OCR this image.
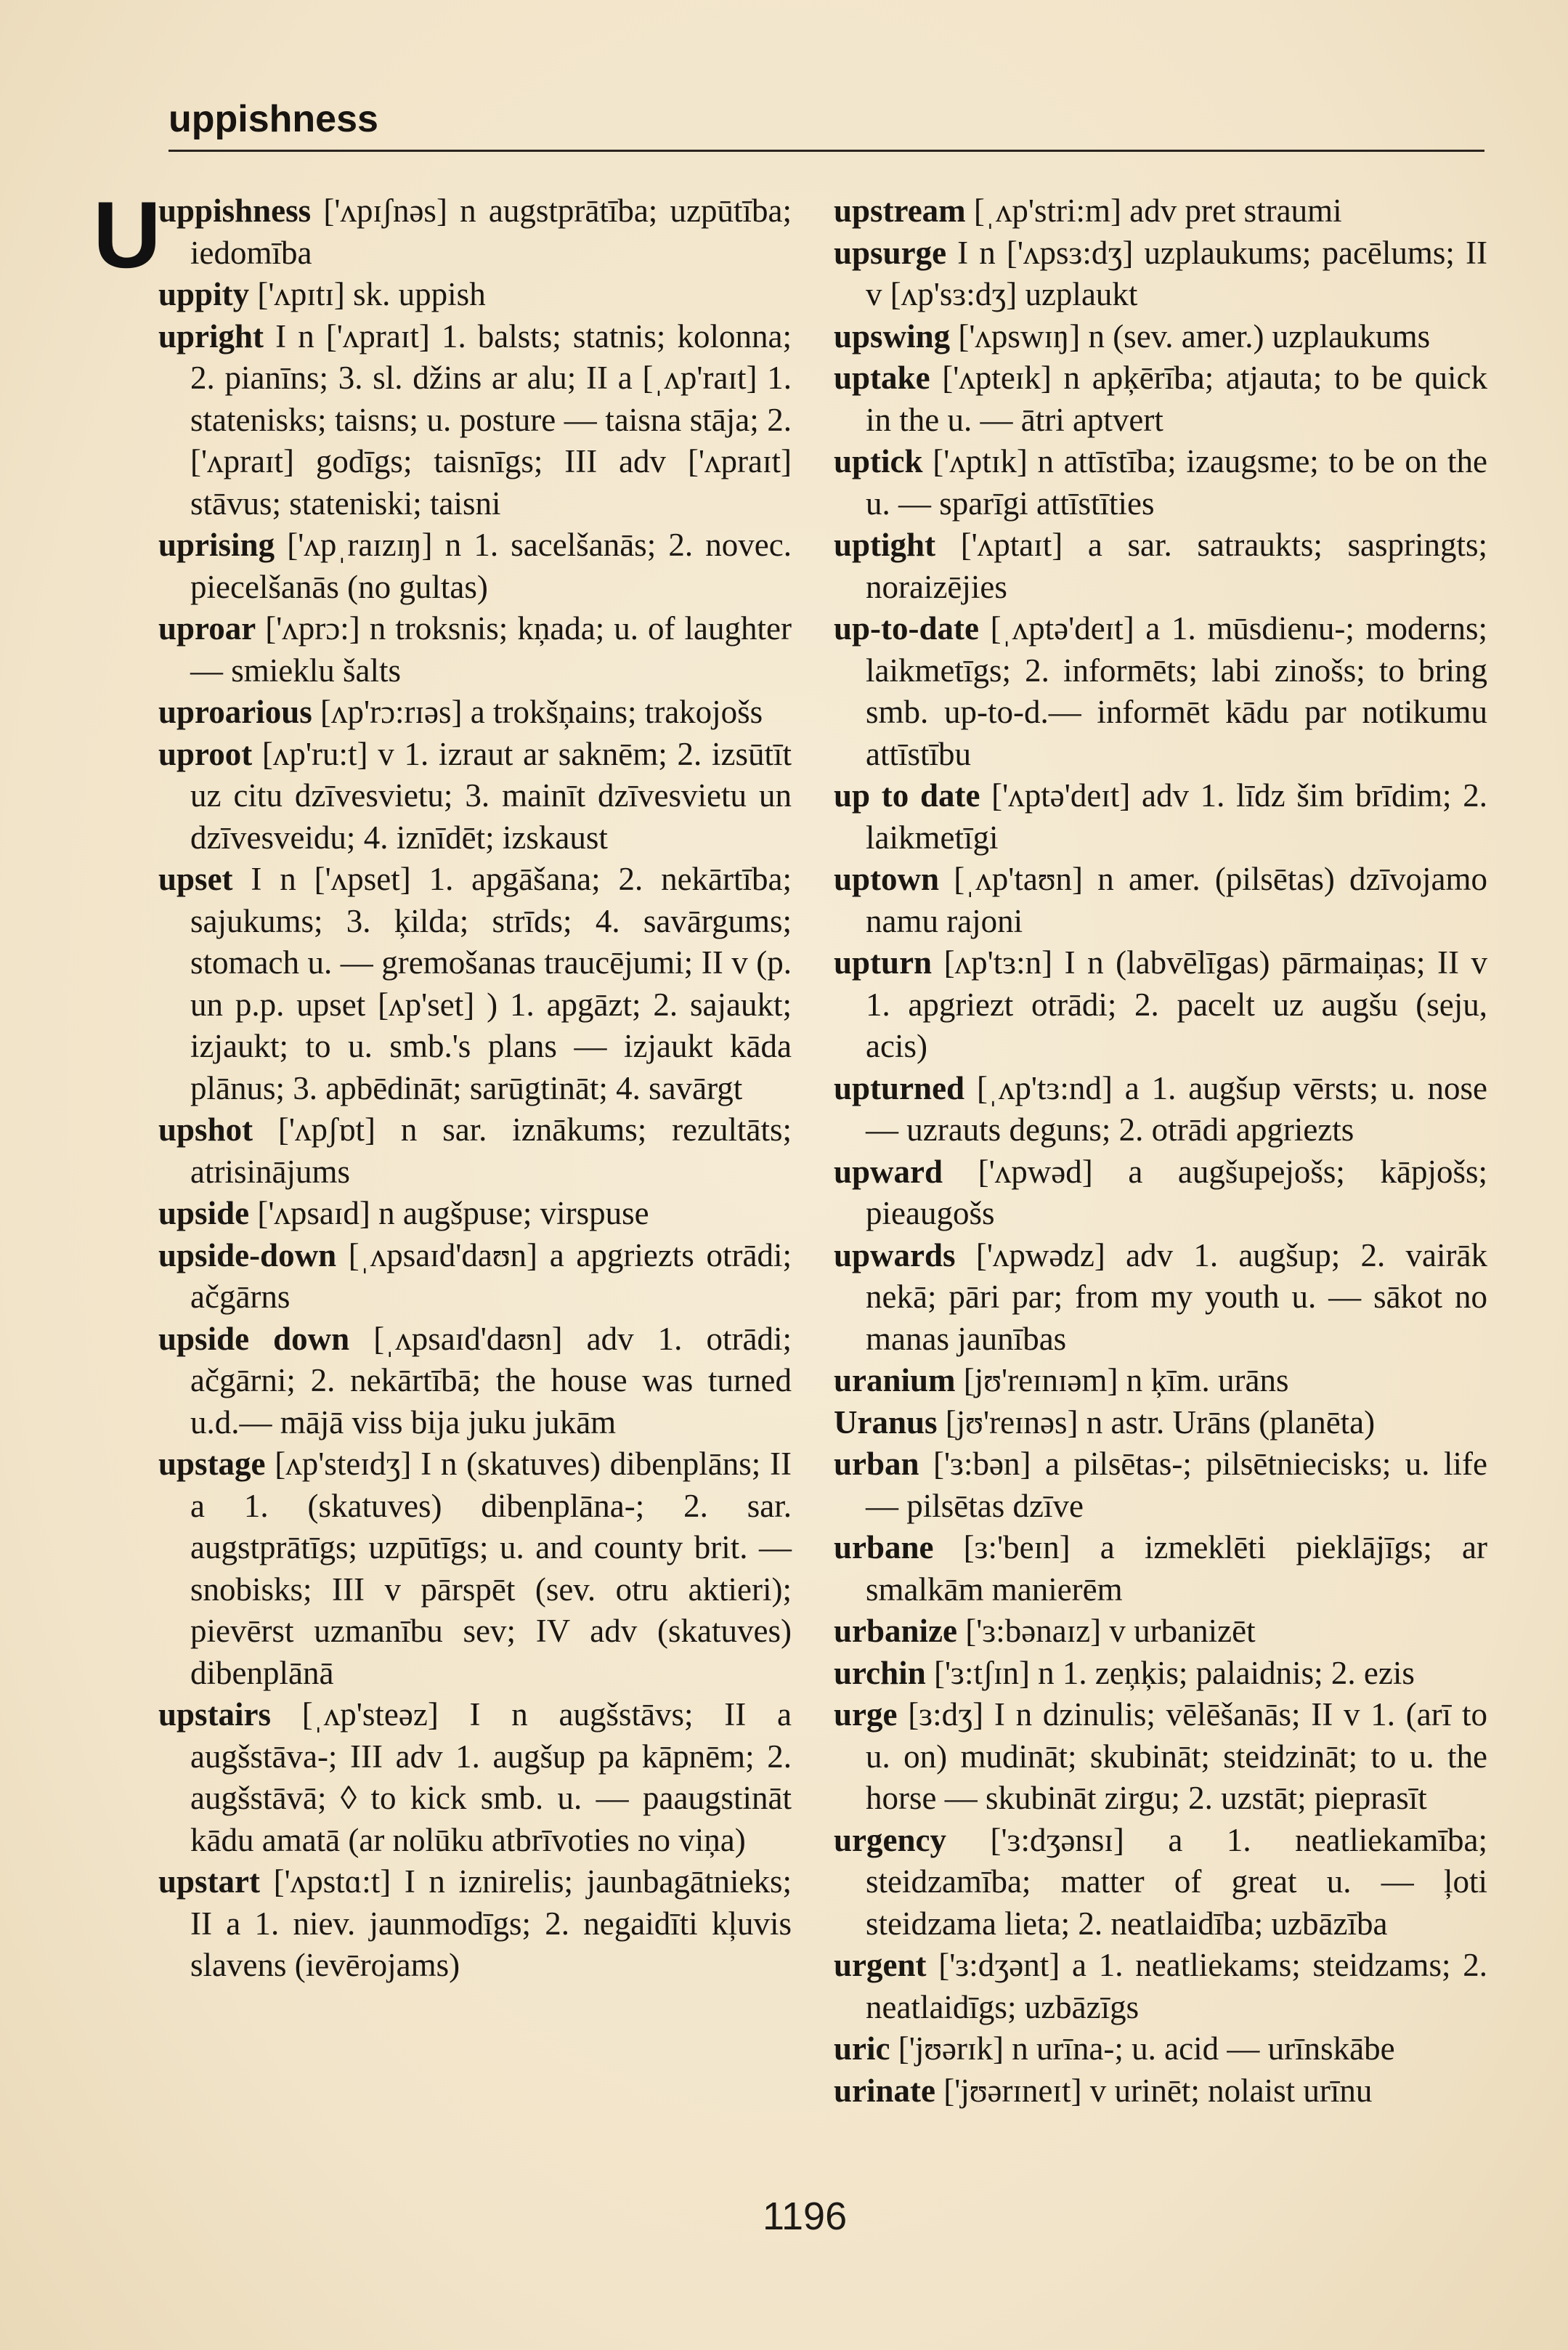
uppishness
U
uppishness ['ʌpɪʃnəs] n augstprātība; uzpūtība; iedomība
uppity ['ʌpɪtɪ] sk. uppish
upright I n ['ʌpraɪt] 1. balsts; statnis; kolonna; 2. pianīns; 3. sl. džins ar alu; II a [ˌʌp'raɪt] 1. statenisks; taisns; u. posture — taisna stāja; 2. ['ʌpraɪt] godīgs; taisnīgs; III adv ['ʌpraɪt] stāvus; stateniski; taisni
uprising ['ʌpˌraɪzɪŋ] n 1. sacelšanās; 2. novec. piecelšanās (no gultas)
uproar ['ʌprɔ:] n troksnis; kņada; u. of laughter — smieklu šalts
uproarious [ʌp'rɔ:rɪəs] a trokšņains; trakojošs
uproot [ʌp'ru:t] v 1. izraut ar saknēm; 2. izsūtīt uz citu dzīvesvietu; 3. mainīt dzīvesvietu un dzīvesveidu; 4. iznīdēt; izskaust
upset I n ['ʌpset] 1. apgāšana; 2. nekārtība; sajukums; 3. ķilda; strīds; 4. savārgums; stomach u. — gremošanas traucējumi; II v (p. un p.p. upset [ʌp'set] ) 1. apgāzt; 2. sajaukt; izjaukt; to u. smb.'s plans — izjaukt kāda plānus; 3. apbēdināt; sarūgtināt; 4. savārgt
upshot ['ʌpʃɒt] n sar. iznākums; rezultāts; atrisinājums
upside ['ʌpsaɪd] n augšpuse; virspuse
upside-down [ˌʌpsaɪd'daʊn] a apgriezts otrādi; ačgārns
upside down [ˌʌpsaɪd'daʊn] adv 1. otrādi; ačgārni; 2. nekārtībā; the house was turned u.d.— mājā viss bija juku jukām
upstage [ʌp'steɪdʒ] I n (skatuves) dibenplāns; II a 1. (skatuves) dibenplāna-; 2. sar. augstprātīgs; uzpūtīgs; u. and county brit. — snobisks; III v pārspēt (sev. otru aktieri); pievērst uzmanību sev; IV adv (skatuves) dibenplānā
upstairs [ˌʌp'steəz] I n augšstāvs; II a augšstāva-; III adv 1. augšup pa kāpnēm; 2. augšstāvā; ◊ to kick smb. u. — paaugstināt kādu amatā (ar nolūku atbrīvoties no viņa)
upstart ['ʌpstɑ:t] I n iznirelis; jaunbagātnieks; II a 1. niev. jaunmodīgs; 2. negaidīti kļuvis slavens (ievērojams)
upstream [ˌʌp'stri:m] adv pret straumi
upsurge I n ['ʌpsɜ:dʒ] uzplaukums; pacēlums; II v [ʌp'sɜ:dʒ] uzplaukt
upswing ['ʌpswɪŋ] n (sev. amer.) uzplaukums
uptake ['ʌpteɪk] n apķērība; atjauta; to be quick in the u. — ātri aptvert
uptick ['ʌptɪk] n attīstība; izaugsme; to be on the u. — sparīgi attīstīties
uptight ['ʌptaɪt] a sar. satraukts; saspringts; noraizējies
up-to-date [ˌʌptə'deɪt] a 1. mūsdienu-; moderns; laikmetīgs; 2. informēts; labi zinošs; to bring smb. up-to-d.— informēt kādu par notikumu attīstību
up to date ['ʌptə'deɪt] adv 1. līdz šim brīdim; 2. laikmetīgi
uptown [ˌʌp'taʊn] n amer. (pilsētas) dzīvojamo namu rajoni
upturn [ʌp'tɜ:n] I n (labvēlīgas) pārmaiņas; II v 1. apgriezt otrādi; 2. pacelt uz augšu (seju, acis)
upturned [ˌʌp'tɜ:nd] a 1. augšup vērsts; u. nose — uzrauts deguns; 2. otrādi apgriezts
upward ['ʌpwəd] a augšupejošs; kāpjošs; pieaugošs
upwards ['ʌpwədz] adv 1. augšup; 2. vairāk nekā; pāri par; from my youth u. — sākot no manas jaunības
uranium [jʊ'reɪnɪəm] n ķīm. urāns
Uranus [jʊ'reɪnəs] n astr. Urāns (planēta)
urban ['ɜ:bən] a pilsētas-; pilsētniecisks; u. life — pilsētas dzīve
urbane [ɜ:'beɪn] a izmeklēti pieklājīgs; ar smalkām manierēm
urbanize ['ɜ:bənaɪz] v urbanizēt
urchin ['ɜ:tʃɪn] n 1. zeņķis; palaidnis; 2. ezis
urge [ɜ:dʒ] I n dzinulis; vēlēšanās; II v 1. (arī to u. on) mudināt; skubināt; steidzināt; to u. the horse — skubināt zirgu; 2. uzstāt; pieprasīt
urgency ['ɜ:dʒənsɪ] a 1. neatliekamība; steidzamība; matter of great u. — ļoti steidzama lieta; 2. neatlaidība; uzbāzība
urgent ['ɜ:dʒənt] a 1. neatliekams; steidzams; 2. neatlaidīgs; uzbāzīgs
uric ['jʊərɪk] n urīna-; u. acid — urīnskābe
urinate ['jʊərɪneɪt] v urinēt; nolaist urīnu
1196
